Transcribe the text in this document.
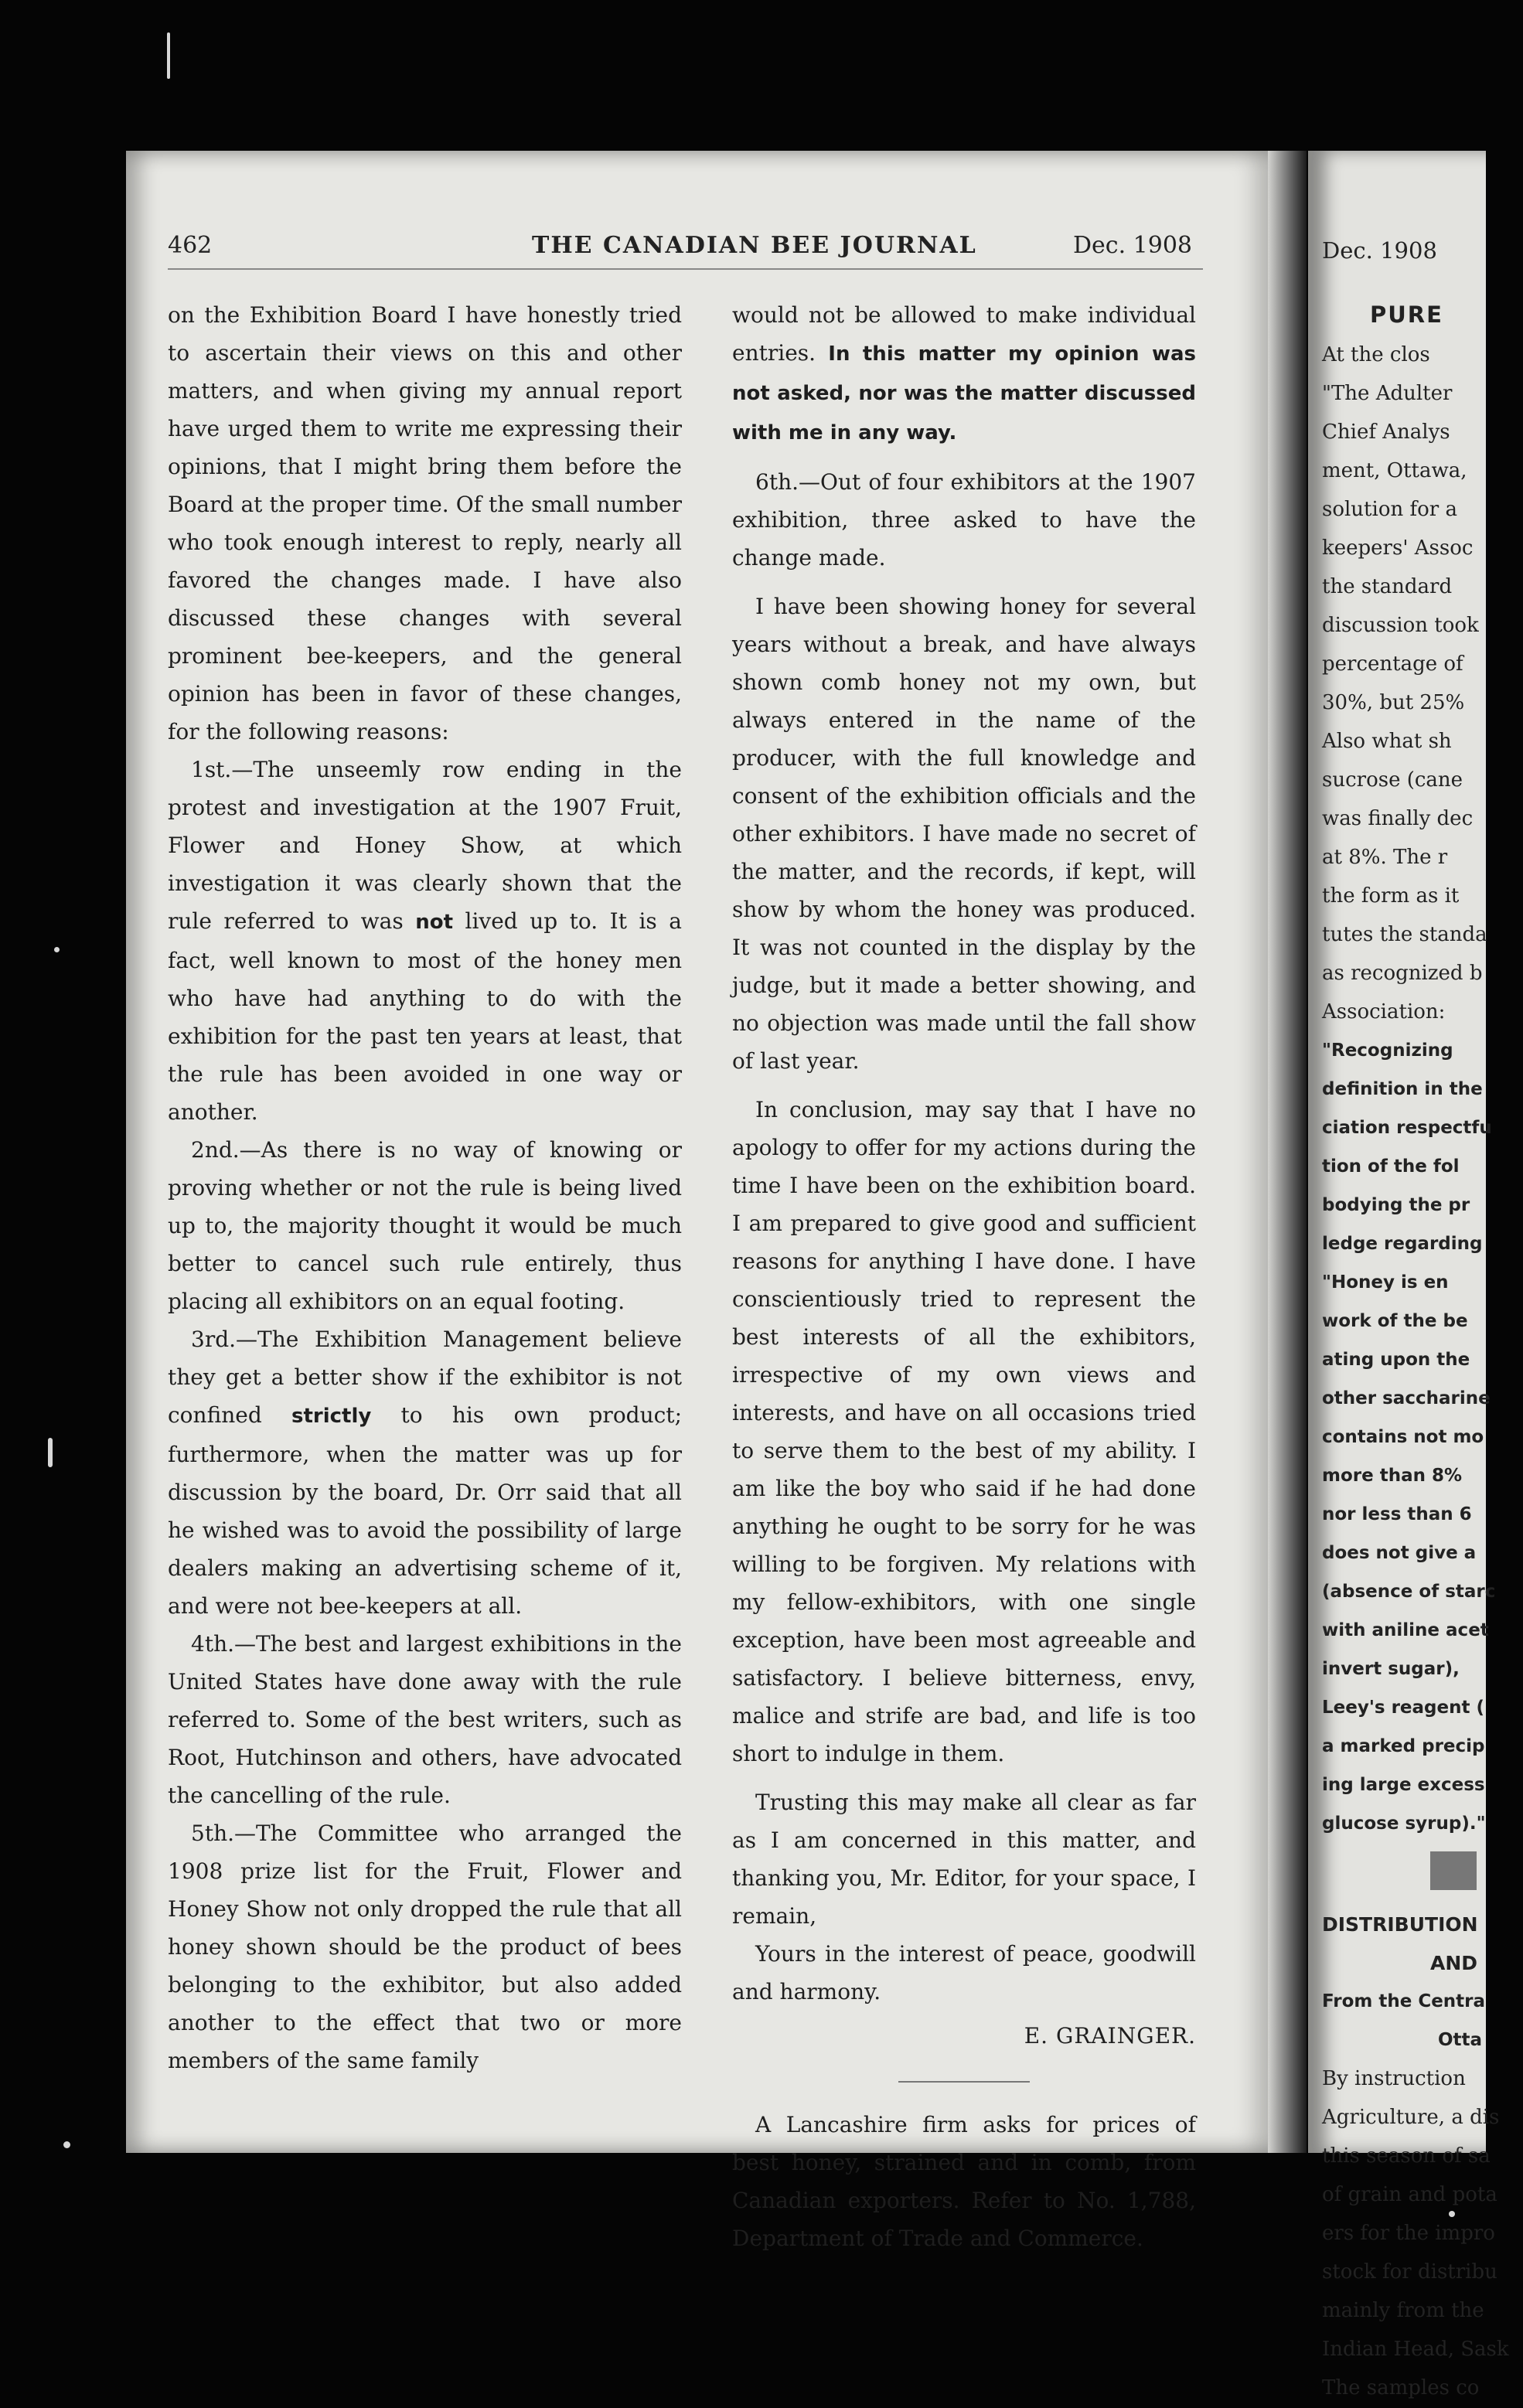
462	THE CANADIAN BEE JOURNAL	Dec. 1908

on the Exhibition Board I have honestly tried to ascertain their views on this and other matters, and when giving my annual report have urged them to write me expressing their opinions, that I might bring them before the Board at the proper time. Of the small number who took enough interest to reply, nearly all favored the changes made. I have also discussed these changes with several prominent bee-keepers, and the general opinion has been in favor of these changes, for the following reasons:

1st.—The unseemly row ending in the protest and investigation at the 1907 Fruit, Flower and Honey Show, at which investigation it was clearly shown that the rule referred to was not lived up to. It is a fact, well known to most of the honey men who have had anything to do with the exhibition for the past ten years at least, that the rule has been avoided in one way or another.

2nd.—As there is no way of knowing or proving whether or not the rule is being lived up to, the majority thought it would be much better to cancel such rule entirely, thus placing all exhibitors on an equal footing.

3rd.—The Exhibition Management believe they get a better show if the exhibitor is not confined strictly to his own product; furthermore, when the matter was up for discussion by the board, Dr. Orr said that all he wished was to avoid the possibility of large dealers making an advertising scheme of it, and were not bee-keepers at all.

4th.—The best and largest exhibitions in the United States have done away with the rule referred to. Some of the best writers, such as Root, Hutchinson and others, have advocated the cancelling of the rule.

5th.—The Committee who arranged the 1908 prize list for the Fruit, Flower and Honey Show not only dropped the rule that all honey shown should be the product of bees belonging to the exhibitor, but also added another to the effect that two or more members of the same family

would not be allowed to make individual entries. In this matter my opinion was not asked, nor was the matter discussed with me in any way.

6th.—Out of four exhibitors at the 1907 exhibition, three asked to have the change made.

I have been showing honey for several years without a break, and have always shown comb honey not my own, but always entered in the name of the producer, with the full knowledge and consent of the exhibition officials and the other exhibitors. I have made no secret of the matter, and the records, if kept, will show by whom the honey was produced. It was not counted in the display by the judge, but it made a better showing, and no objection was made until the fall show of last year.

In conclusion, may say that I have no apology to offer for my actions during the time I have been on the exhibition board. I am prepared to give good and sufficient reasons for anything I have done. I have conscientiously tried to represent the best interests of all the exhibitors, irrespective of my own views and interests, and have on all occasions tried to serve them to the best of my ability. I am like the boy who said if he had done anything he ought to be sorry for he was willing to be forgiven. My relations with my fellow-exhibitors, with one single exception, have been most agreeable and satisfactory. I believe bitterness, envy, malice and strife are bad, and life is too short to indulge in them.

Trusting this may make all clear as far as I am concerned in this matter, and thanking you, Mr. Editor, for your space, I remain,

Yours in the interest of peace, goodwill and harmony.

E. GRAINGER.

A Lancashire firm asks for prices of best honey, strained and in comb, from Canadian exporters. Refer to No. 1,788, Department of Trade and Commerce.

Dec. 1908
PURE
At the clos
"The Adulter
Chief Analys
ment, Ottawa,
solution for a
keepers' Assoc
the standard
discussion took
percentage of
30%, but 25%
Also what sh
sucrose (cane
was finally dec
at 8%. The r
the form as it
tutes the standa
as recognized b
Association:
"Recognizing
definition in the
ciation respectfu
tion of the fol
bodying the pr
ledge regarding
"Honey is en
work of the be
ating upon the
other saccharine
contains not mo
more than 8%
nor less than 6
does not give a
(absence of starc
with aniline acet
invert sugar),
Leey's reagent (
a marked precip
ing large excess
glucose syrup)."
DISTRIBUTION
AND
From the Centra
Otta
By instruction
Agriculture, a dis
this season of sa
of grain and pota
ers for the impro
stock for distribu
mainly from the
Indian Head, Sask
The samples co
